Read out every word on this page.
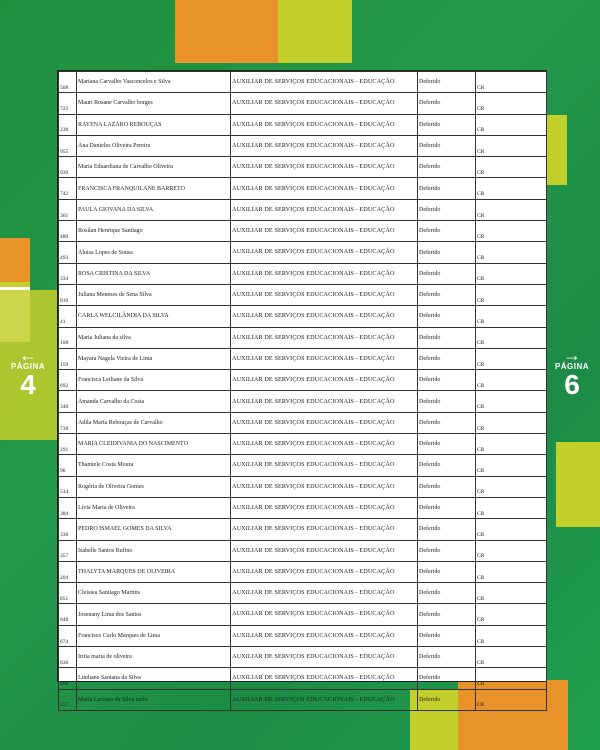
←
PÁGINA
4
→
PÁGINA
6
508	Mariana Carvalho Vasconcelos e Silva	AUXILIAR DE SERVIÇOS EDUCACIONAIS - EDUCAÇÃO	Deferido	CR
722	Mauri Rosane Carvalho borges	AUXILIAR DE SERVIÇOS EDUCACIONAIS - EDUCAÇÃO	Deferido	CR
238	RAYENA LAZARO REBOUÇAS	AUXILIAR DE SERVIÇOS EDUCACIONAIS - EDUCAÇÃO	Deferido	CR
955	Ana Danieles Oliveira Pereira	AUXILIAR DE SERVIÇOS EDUCACIONAIS - EDUCAÇÃO	Deferido	CR
930	Maria Eduardiana de Carvalho Oliveira	AUXILIAR DE SERVIÇOS EDUCACIONAIS - EDUCAÇÃO	Deferido	CR
742	FRANCISCA FRANQUILANE BARRETO	AUXILIAR DE SERVIÇOS EDUCACIONAIS - EDUCAÇÃO	Deferido	CR
361	PAULA GIOVANA DA SILVA	AUXILIAR DE SERVIÇOS EDUCACIONAIS - EDUCAÇÃO	Deferido	CR
480	Rosilan Henrique Santiago	AUXILIAR DE SERVIÇOS EDUCACIONAIS - EDUCAÇÃO	Deferido	CR
493	Aluisa Lopes de Sousa	AUXILIAR DE SERVIÇOS EDUCACIONAIS - EDUCAÇÃO	Deferido	CR
334	ROSA CRISTINA DA SILVA	AUXILIAR DE SERVIÇOS EDUCACIONAIS - EDUCAÇÃO	Deferido	CR
810	Juliana Meneses de Sena Silva	AUXILIAR DE SERVIÇOS EDUCACIONAIS - EDUCAÇÃO	Deferido	CR
41	CARLA WELCILÂNDIA DA SILVA	AUXILIAR DE SERVIÇOS EDUCACIONAIS - EDUCAÇÃO	Deferido	CR
108	Maria Juliana da silva	AUXILIAR DE SERVIÇOS EDUCACIONAIS - EDUCAÇÃO	Deferido	CR
159	Mayara Nagela Vieira de Lima	AUXILIAR DE SERVIÇOS EDUCACIONAIS - EDUCAÇÃO	Deferido	CR
692	Francisca Leiliane da Silva	AUXILIAR DE SERVIÇOS EDUCACIONAIS - EDUCAÇÃO	Deferido	CR
340	Amanda Carvalho da Costa	AUXILIAR DE SERVIÇOS EDUCACIONAIS - EDUCAÇÃO	Deferido	CR
738	Adila Maria Rebouças de Carvalho	AUXILIAR DE SERVIÇOS EDUCACIONAIS - EDUCAÇÃO	Deferido	CR
291	MARIA CLEIDIVANIA DO NASCIMENTO	AUXILIAR DE SERVIÇOS EDUCACIONAIS - EDUCAÇÃO	Deferido	CR
96	Thamiele Costa Moura	AUXILIAR DE SERVIÇOS EDUCACIONAIS - EDUCAÇÃO	Deferido	CR
514	Rogéria de Oliveira Gomes	AUXILIAR DE SERVIÇOS EDUCACIONAIS - EDUCAÇÃO	Deferido	CR
384	Lívia Maria de Oliveira	AUXILIAR DE SERVIÇOS EDUCACIONAIS - EDUCAÇÃO	Deferido	CR
338	PEDRO ISMAEL GOMES DA SILVA	AUXILIAR DE SERVIÇOS EDUCACIONAIS - EDUCAÇÃO	Deferido	CR
357	Isabelle Santos Rufino	AUXILIAR DE SERVIÇOS EDUCACIONAIS - EDUCAÇÃO	Deferido	CR
204	THALYTA MARQUES DE OLIVEIRA	AUXILIAR DE SERVIÇOS EDUCACIONAIS - EDUCAÇÃO	Deferido	CR
851	Cleisiea Santiago Martins	AUXILIAR DE SERVIÇOS EDUCACIONAIS - EDUCAÇÃO	Deferido	CR
848	Josenany Lima dos Santos	AUXILIAR DE SERVIÇOS EDUCACIONAIS - EDUCAÇÃO	Deferido	CR
674	Francisco Carlo Marques de Lima	AUXILIAR DE SERVIÇOS EDUCACIONAIS - EDUCAÇÃO	Deferido	CR
836	Iritia maria de oliveira	AUXILIAR DE SERVIÇOS EDUCACIONAIS - EDUCAÇÃO	Deferido	CR
488	Lindiane Santana da Silva	AUXILIAR DE SERVIÇOS EDUCACIONAIS - EDUCAÇÃO	Deferido	CR
257	Maria Luciana da Silva melo	AUXILIAR DE SERVIÇOS EDUCACIONAIS - EDUCAÇÃO	Deferido	CR
